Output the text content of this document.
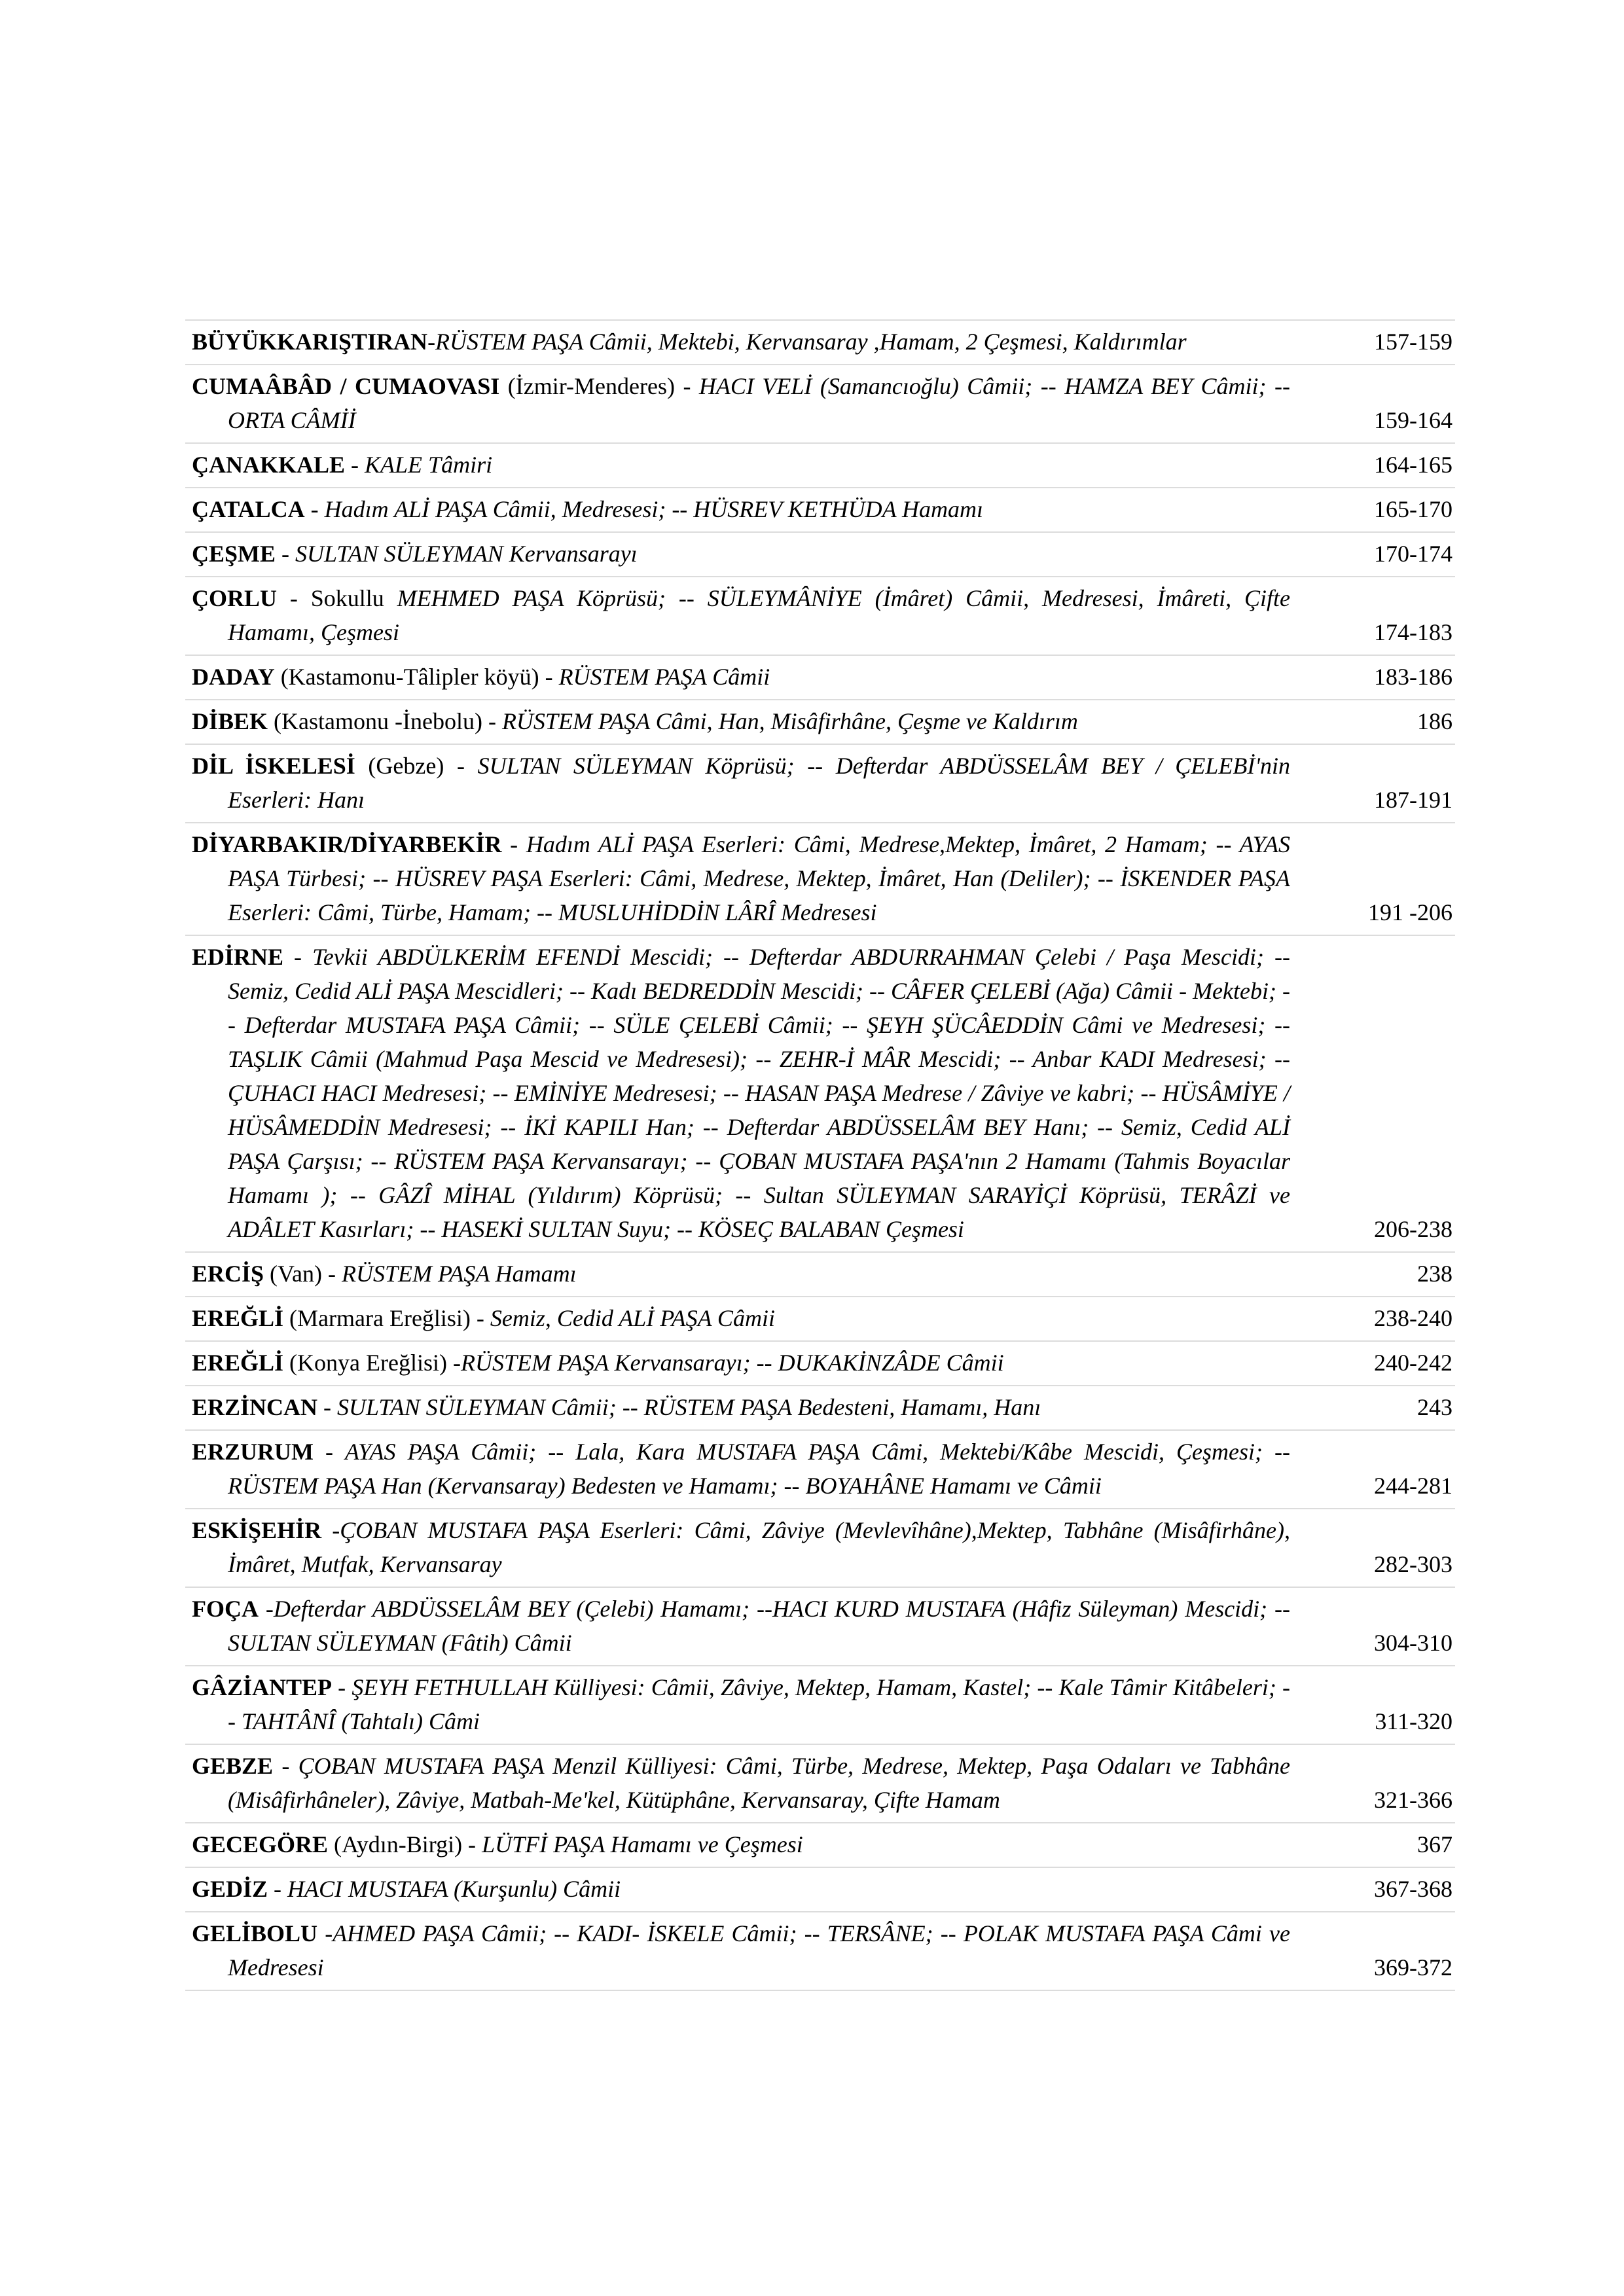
BÜYÜKKARIŞTIRAN-RÜSTEM PAŞA Câmii, Mektebi, Kervansaray ,Hamam, 2 Çeşmesi, Kaldırımlar	157-159
CUMAÂBÂD / CUMAOVASI (İzmir-Menderes) - HACI VELİ (Samancıoğlu) Câmii; -- HAMZA BEY Câmii; --ORTA CÂMİİ	159-164
ÇANAKKALE - KALE Tâmiri	164-165
ÇATALCA - Hadım ALİ PAŞA Câmii, Medresesi; -- HÜSREV KETHÜDA Hamamı	165-170
ÇEŞME - SULTAN SÜLEYMAN Kervansarayı	170-174
ÇORLU - Sokullu MEHMED PAŞA Köprüsü; -- SÜLEYMÂNİYE (İmâret) Câmii, Medresesi, İmâreti, Çifte Hamamı, Çeşmesi	174-183
DADAY (Kastamonu-Tâlipler köyü) - RÜSTEM PAŞA Câmii	183-186
DİBEK (Kastamonu -İnebolu) - RÜSTEM PAŞA Câmi, Han, Misâfirhâne, Çeşme ve Kaldırım	186
DİL İSKELESİ (Gebze) - SULTAN SÜLEYMAN Köprüsü; -- Defterdar ABDÜSSELÂM BEY / ÇELEBİ'nin Eserleri: Hanı	187-191
DİYARBAKIR/DİYARBEKİR - Hadım ALİ PAŞA Eserleri: Câmi, Medrese,Mektep, İmâret, 2 Hamam; -- AYAS PAŞA Türbesi; -- HÜSREV PAŞA Eserleri: Câmi, Medrese, Mektep, İmâret, Han (Deliler); -- İSKENDER PAŞA Eserleri: Câmi, Türbe, Hamam; -- MUSLUHİDDİN LÂRÎ Medresesi	191 -206
EDİRNE - Tevkii ABDÜLKERİM EFENDİ Mescidi; -- Defterdar ABDURRAHMAN Çelebi / Paşa Mescidi; -- Semiz, Cedid ALİ PAŞA Mescidleri; -- Kadı BEDREDDİN Mescidi; -- CÂFER ÇELEBİ (Ağa) Câmii - Mektebi; -- Defterdar MUSTAFA PAŞA Câmii; -- SÜLE ÇELEBİ Câmii; -- ŞEYH ŞÜCÂEDDİN Câmi ve Medresesi; -- TAŞLIK Câmii (Mahmud Paşa Mescid ve Medresesi); -- ZEHR-İ MÂR Mescidi; -- Anbar KADI Medresesi; -- ÇUHACI HACI Medresesi; -- EMİNİYE Medresesi; -- HASAN PAŞA Medrese / Zâviye ve kabri; -- HÜSÂMİYE / HÜSÂMEDDİN Medresesi; -- İKİ KAPILI Han; -- Defterdar ABDÜSSELÂM BEY Hanı; -- Semiz, Cedid ALİ PAŞA Çarşısı; -- RÜSTEM PAŞA Kervansarayı; -- ÇOBAN MUSTAFA PAŞA'nın 2 Hamamı (Tahmis Boyacılar Hamamı ); -- GÂZÎ MİHAL (Yıldırım) Köprüsü; -- Sultan SÜLEYMAN SARAYİÇİ Köprüsü, TERÂZİ ve ADÂLET Kasırları; -- HASEKİ SULTAN Suyu; -- KÖSEÇ BALABAN Çeşmesi	206-238
ERCİŞ (Van) - RÜSTEM PAŞA Hamamı	238
EREĞLİ (Marmara Ereğlisi) - Semiz, Cedid ALİ PAŞA Câmii	238-240
EREĞLİ (Konya Ereğlisi) -RÜSTEM PAŞA Kervansarayı; -- DUKAKİNZÂDE Câmii	240-242
ERZİNCAN - SULTAN SÜLEYMAN Câmii; -- RÜSTEM PAŞA Bedesteni, Hamamı, Hanı	243
ERZURUM - AYAS PAŞA Câmii; -- Lala, Kara MUSTAFA PAŞA Câmi, Mektebi/Kâbe Mescidi, Çeşmesi; -- RÜSTEM PAŞA Han (Kervansaray) Bedesten ve Hamamı; -- BOYAHÂNE Hamamı ve Câmii	244-281
ESKİŞEHİR -ÇOBAN MUSTAFA PAŞA Eserleri: Câmi, Zâviye (Mevlevîhâne),Mektep, Tabhâne (Misâfirhâne), İmâret, Mutfak, Kervansaray	282-303
FOÇA -Defterdar ABDÜSSELÂM BEY (Çelebi) Hamamı; --HACI KURD MUSTAFA (Hâfiz Süleyman) Mescidi; -- SULTAN SÜLEYMAN (Fâtih) Câmii	304-310
GÂZİANTEP - ŞEYH FETHULLAH Külliyesi: Câmii, Zâviye, Mektep, Hamam, Kastel; -- Kale Tâmir Kitâbeleri; -- TAHTÂNÎ (Tahtalı) Câmi	311-320
GEBZE - ÇOBAN MUSTAFA PAŞA Menzil Külliyesi: Câmi, Türbe, Medrese, Mektep, Paşa Odaları ve Tabhâne (Misâfirhâneler), Zâviye, Matbah-Me'kel, Kütüphâne, Kervansaray, Çifte Hamam	321-366
GECEGÖRE (Aydın-Birgi) - LÜTFİ PAŞA Hamamı ve Çeşmesi	367
GEDİZ - HACI MUSTAFA (Kurşunlu) Câmii	367-368
GELİBOLU -AHMED PAŞA Câmii; -- KADI- İSKELE Câmii; -- TERSÂNE; -- POLAK MUSTAFA PAŞA Câmi ve Medresesi	369-372
